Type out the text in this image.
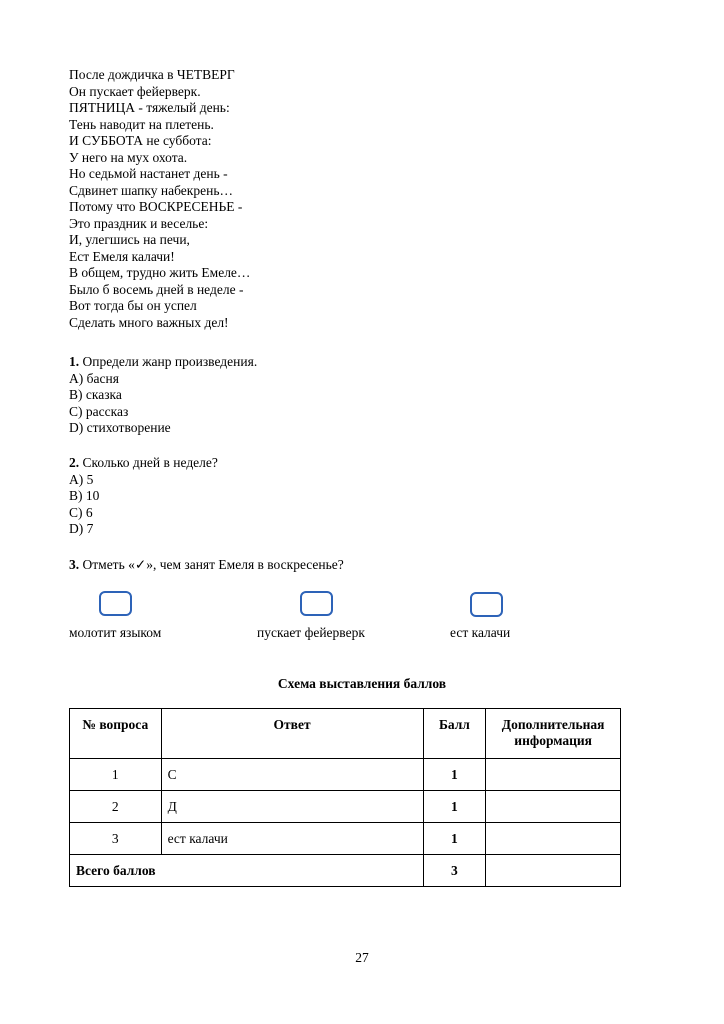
После дождичка в ЧЕТВЕРГ
Он пускает фейерверк.
ПЯТНИЦА - тяжелый день:
Тень наводит на плетень.
И СУББОТА не суббота:
У него на мух охота.
Но седьмой настанет день -
Сдвинет шапку набекрень…
Потому что ВОСКРЕСЕНЬЕ -
Это праздник и веселье:
И, улегшись на печи,
Ест Емеля калачи!
В общем, трудно жить Емеле…
Было б восемь дней в неделе -
Вот тогда бы он успел
Сделать много важных дел!
1. Определи жанр произведения.
A) басня
B) сказка
C) рассказ
D) стихотворение
2. Сколько дней в неделе?
A) 5
B) 10
C) 6
D) 7
3. Отметь «✓», чем занят Емеля в воскресенье?
молотит языком	пускает фейерверк	ест калачи
Схема выставления баллов
№ вопроса	Ответ	Балл	Дополнительная информация
1	С	1	
2	Д	1	
3	ест калачи	1	
Всего баллов		3	
27
